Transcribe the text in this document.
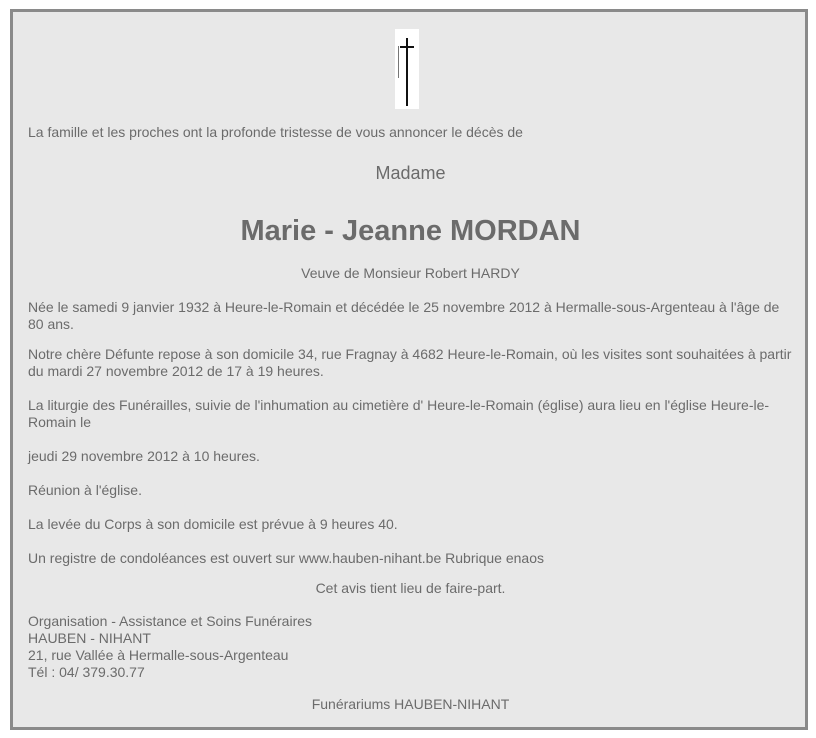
La famille et les proches ont la profonde tristesse de vous annoncer le décès de

Madame

Marie - Jeanne MORDAN

Veuve de Monsieur Robert HARDY

Née le samedi 9 janvier 1932 à Heure-le-Romain et décédée le 25 novembre 2012 à Hermalle-sous-Argenteau à l'âge de 80 ans.

Notre chère Défunte repose à son domicile 34, rue Fragnay à 4682 Heure-le-Romain, où les visites sont souhaitées à partir du mardi 27 novembre 2012 de 17 à 19 heures.

La liturgie des Funérailles, suivie de l'inhumation au cimetière d' Heure-le-Romain (église) aura lieu en l'église Heure-le-Romain le

jeudi 29 novembre 2012 à 10 heures.

Réunion à l'église.

La levée du Corps à son domicile est prévue à 9 heures 40.

Un registre de condoléances est ouvert sur www.hauben-nihant.be Rubrique enaos

Cet avis tient lieu de faire-part.

Organisation - Assistance et Soins Funéraires
HAUBEN - NIHANT
21, rue Vallée à Hermalle-sous-Argenteau
Tél : 04/ 379.30.77

Funérariums HAUBEN-NIHANT
